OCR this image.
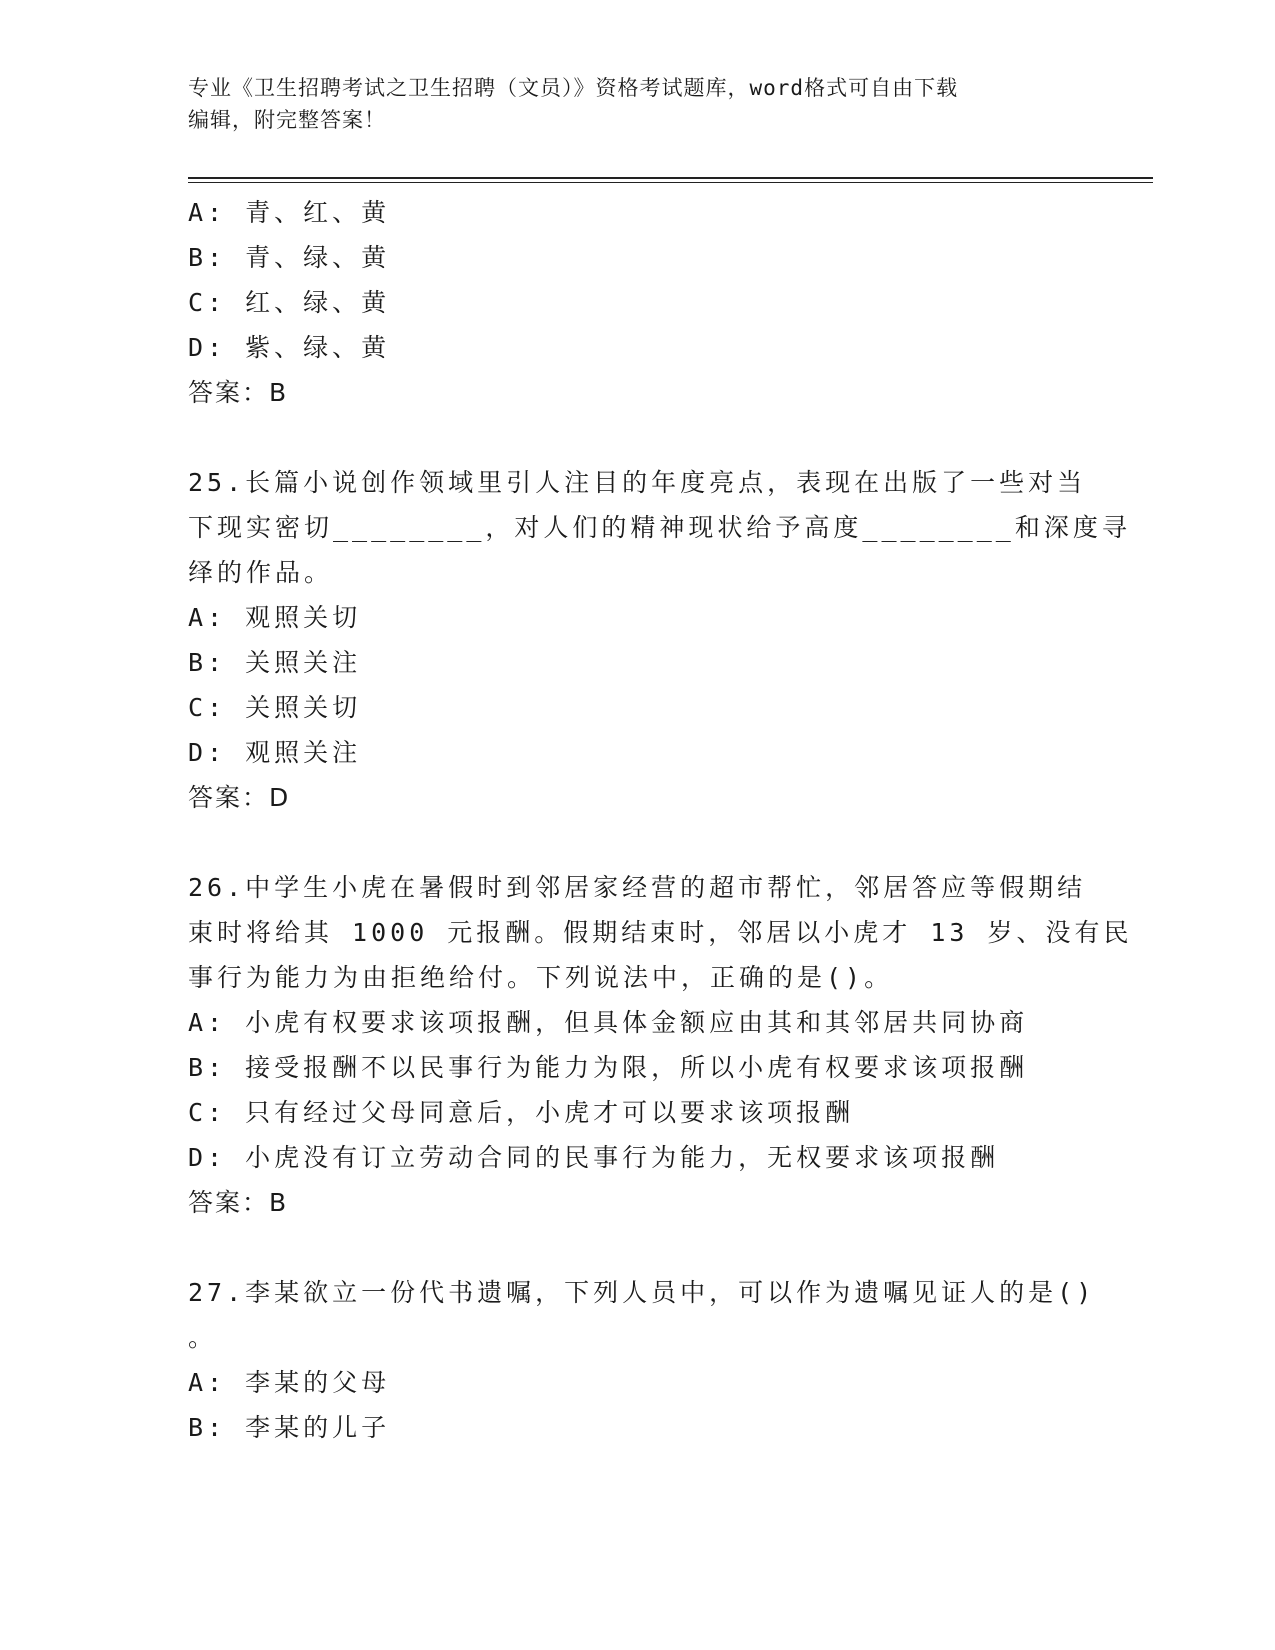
专业《卫生招聘考试之卫生招聘（文员）》资格考试题库，word格式可自由下载
编辑，附完整答案！
A: 青、红、黄
B: 青、绿、黄
C: 红、绿、黄
D: 紫、绿、黄
答案：B
25.长篇小说创作领域里引人注目的年度亮点，表现在出版了一些对当
下现实密切________，对人们的精神现状给予高度________和深度寻
绎的作品。
A: 观照关切
B: 关照关注
C: 关照关切
D: 观照关注
答案：D
26.中学生小虎在暑假时到邻居家经营的超市帮忙，邻居答应等假期结
束时将给其 1000 元报酬。假期结束时，邻居以小虎才 13 岁、没有民
事行为能力为由拒绝给付。下列说法中，正确的是()。
A: 小虎有权要求该项报酬，但具体金额应由其和其邻居共同协商
B: 接受报酬不以民事行为能力为限，所以小虎有权要求该项报酬
C: 只有经过父母同意后，小虎才可以要求该项报酬
D: 小虎没有订立劳动合同的民事行为能力，无权要求该项报酬
答案：B
27.李某欲立一份代书遗嘱，下列人员中，可以作为遗嘱见证人的是()
。
A: 李某的父母
B: 李某的儿子
